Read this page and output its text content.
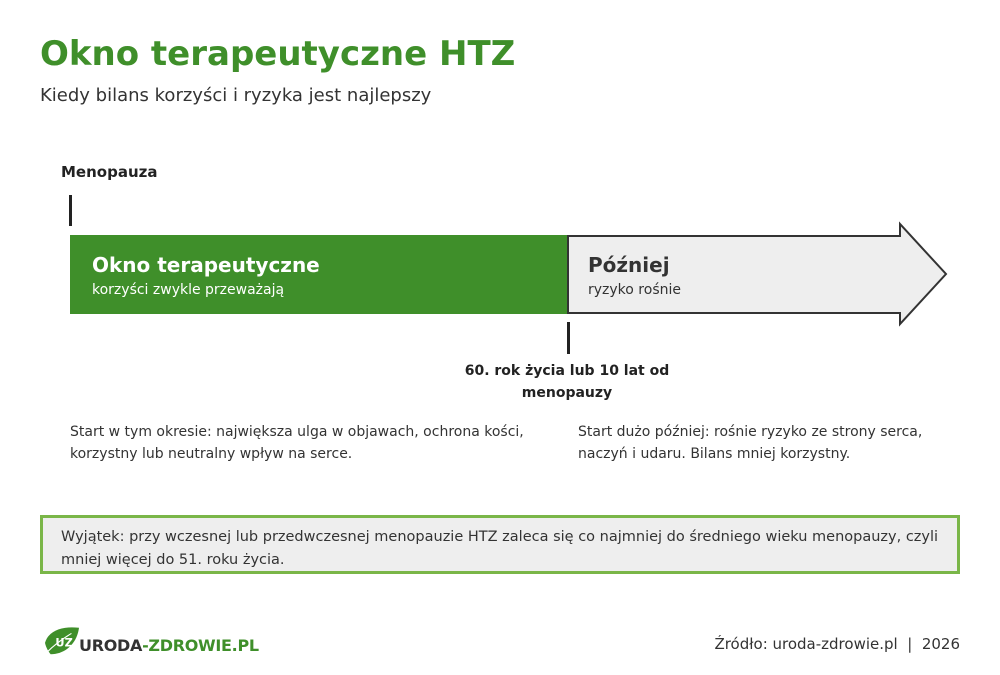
Okno terapeutyczne HTZ
Kiedy bilans korzyści i ryzyka jest najlepszy
Menopauza
Okno terapeutyczne
korzyści zwykle przeważają
Później
ryzyko rośnie
60. rok życia lub 10 lat od menopauzy
Start w tym okresie: największa ulga w objawach, ochrona kości, korzystny lub neutralny wpływ na serce.
Start dużo później: rośnie ryzyko ze strony serca, naczyń i udaru. Bilans mniej korzystny.
Wyjątek: przy wczesnej lub przedwczesnej menopauzie HTZ zaleca się co najmniej do średniego wieku menopauzy, czyli mniej więcej do 51. roku życia.
UZ URODA-ZDROWIE.PL	Źródło: uroda-zdrowie.pl  |  2026
